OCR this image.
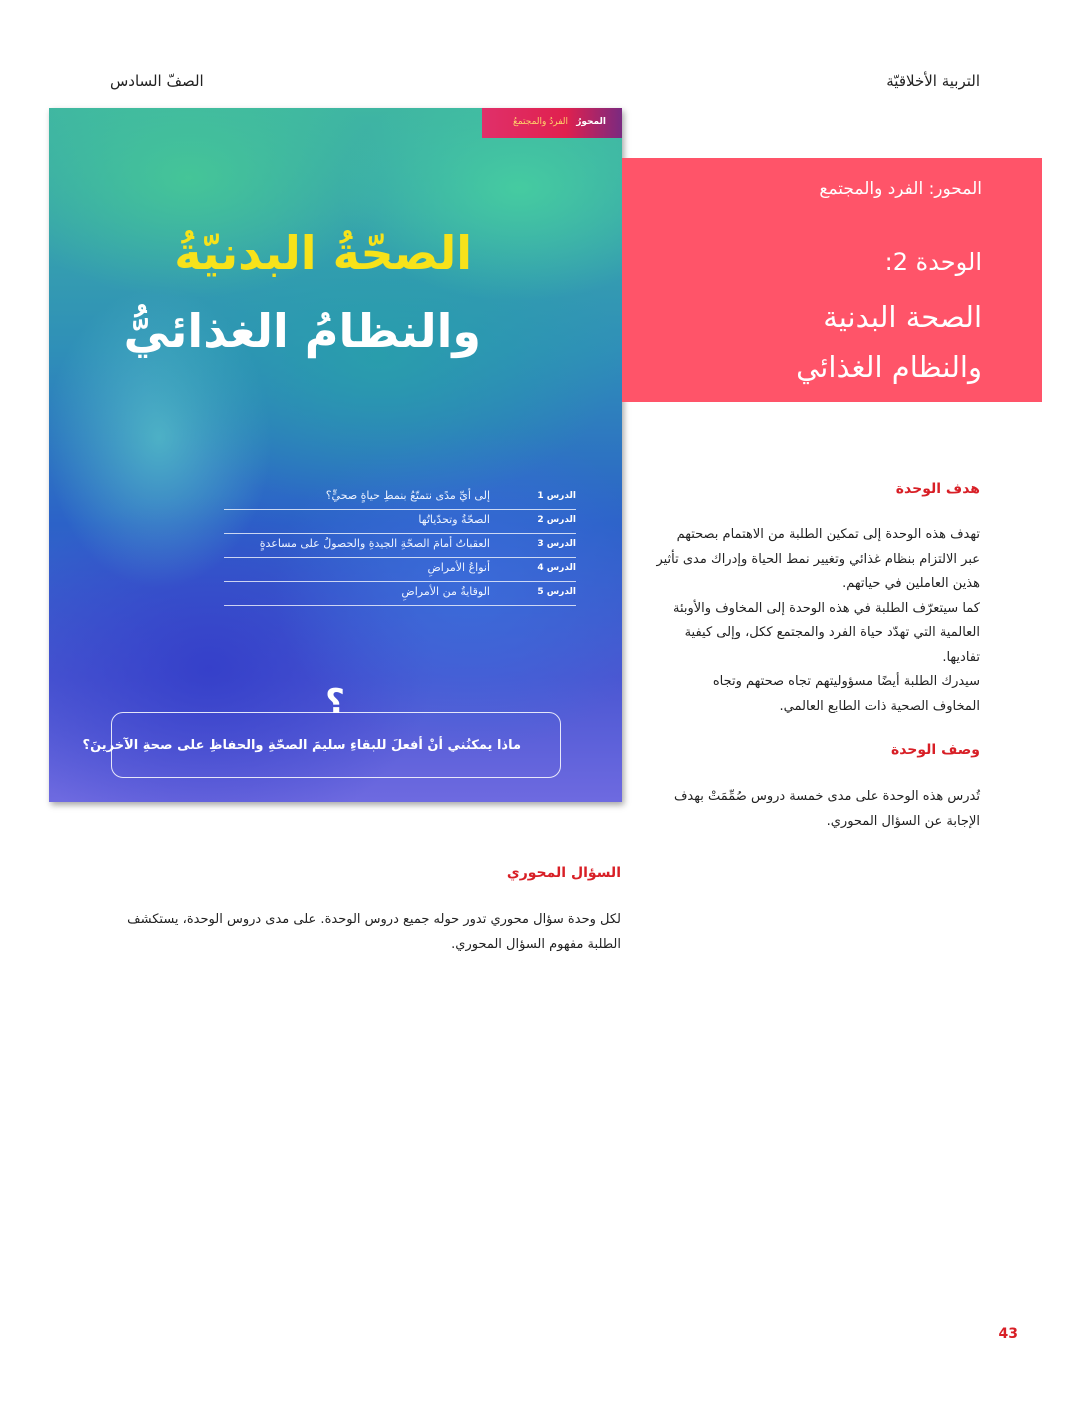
التربية الأخلاقيّة
الصفّ السادس
المحورُ
الفردُ والمجتمعُ
الصحّةُ البدنيّةُ
والنظامُ الغذائيُّ
الدرس 1
إلى أيِّ مدًى نتمتّعُ بنمطِ حياةٍ صحيٍّ؟
الدرس 2
الصحّةُ وتحدّياتُها
الدرس 3
العقباتُ أمامَ الصحّةِ الجيدةِ والحصولُ على مساعدةٍ
الدرس 4
أنواعُ الأمراضِ
الدرس 5
الوقايةُ من الأمراضِ
؟
ماذا يمكنُني أنْ أفعلَ للبقاءِ سليمَ الصحّةِ والحفاظِ على صحةِ الآخرينَ؟
المحور: الفرد والمجتمع
الوحدة 2:
الصحة البدنية
والنظام الغذائي
هدف الوحدة
تهدف هذه الوحدة إلى تمكين الطلبة من الاهتمام بصحتهم
عبر الالتزام بنظام غذائي وتغيير نمط الحياة وإدراك مدى تأثير
هذين العاملين في حياتهم.
كما سيتعرّف الطلبة في هذه الوحدة إلى المخاوف والأوبئة
العالمية التي تهدّد حياة الفرد والمجتمع ككل، وإلى كيفية
تفاديها.
سيدرك الطلبة أيضًا مسؤوليتهم تجاه صحتهم وتجاه
المخاوف الصحية ذات الطابع العالمي.
وصف الوحدة
تُدرس هذه الوحدة على مدى خمسة دروس صُمِّمَتْ بهدف
الإجابة عن السؤال المحوري.
السؤال المحوري
لكل وحدة سؤال محوري تدور حوله جميع دروس الوحدة. على مدى دروس الوحدة، يستكشف
الطلبة مفهوم السؤال المحوري.
43
